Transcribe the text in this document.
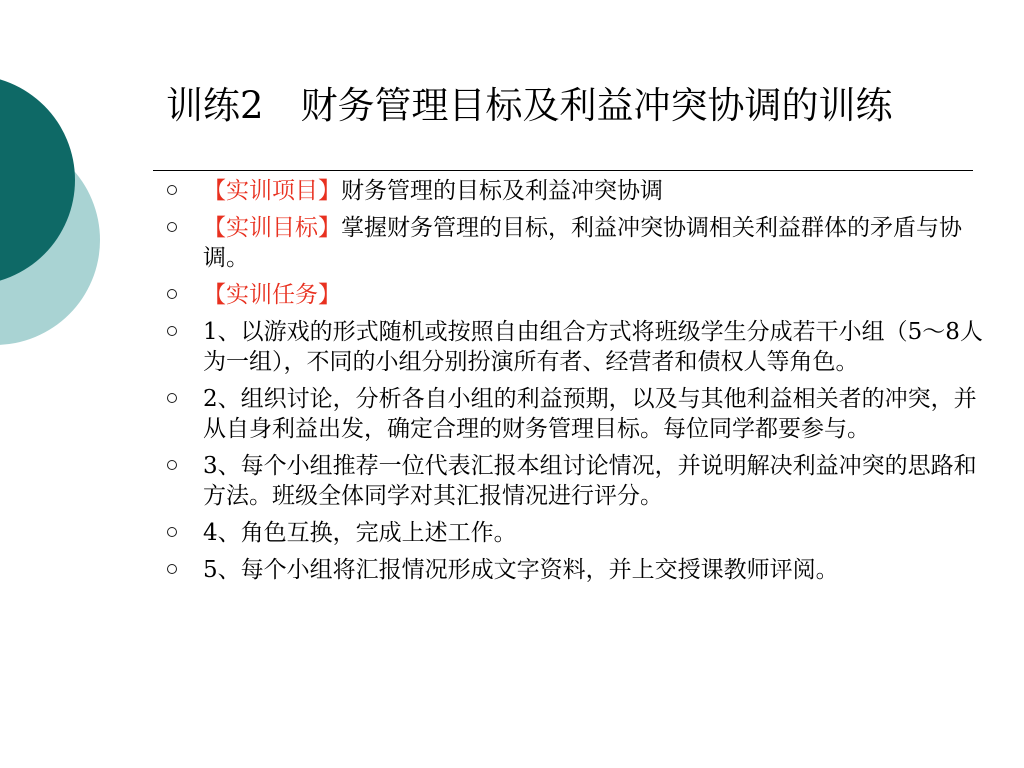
训练2　财务管理目标及利益冲突协调的训练
【实训项目】财务管理的目标及利益冲突协调
【实训目标】掌握财务管理的目标，利益冲突协调相关利益群体的矛盾与协调。
【实训任务】
1、以游戏的形式随机或按照自由组合方式将班级学生分成若干小组（5～8人为一组），不同的小组分别扮演所有者、经营者和债权人等角色。
2、组织讨论，分析各自小组的利益预期，以及与其他利益相关者的冲突，并从自身利益出发，确定合理的财务管理目标。每位同学都要参与。
3、每个小组推荐一位代表汇报本组讨论情况，并说明解决利益冲突的思路和方法。班级全体同学对其汇报情况进行评分。
4、角色互换，完成上述工作。
5、每个小组将汇报情况形成文字资料，并上交授课教师评阅。
